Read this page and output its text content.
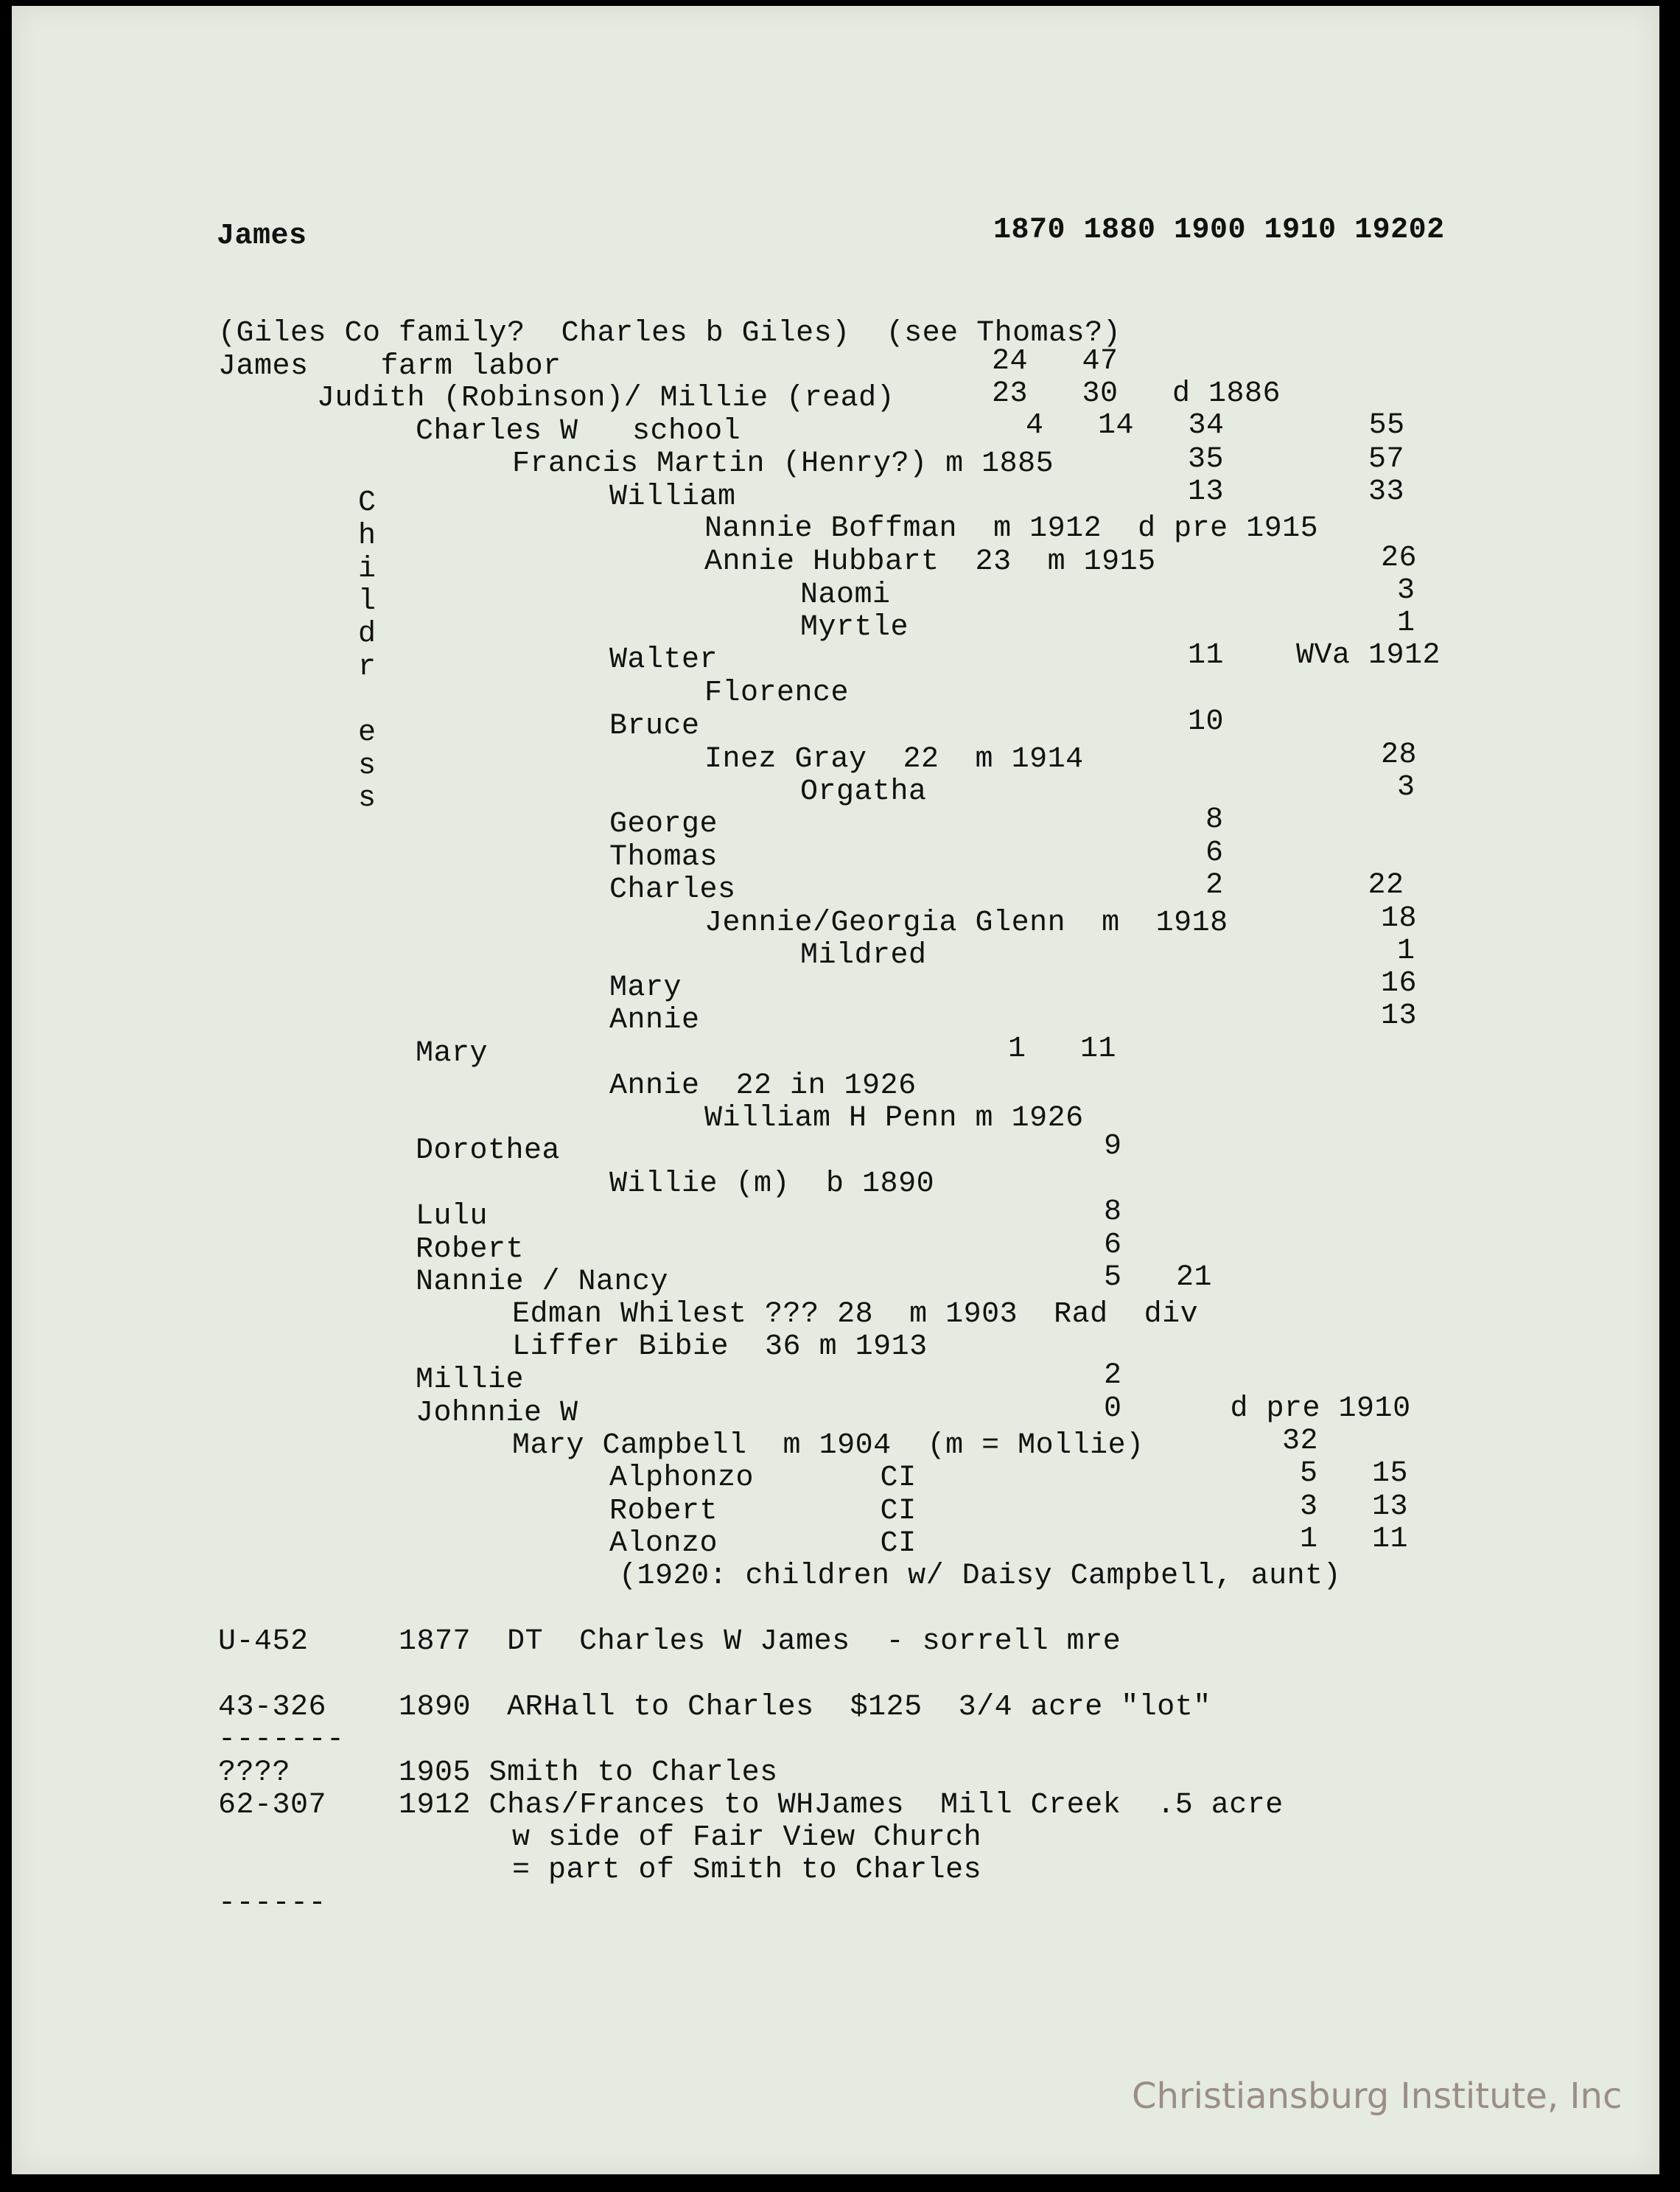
James	1870 1880 1900 1910 19202
(Giles Co family?  Charles b Giles)  (see Thomas?)
James    farm labor	24   47
Judith (Robinson)/ Millie (read)	23   30   d 1886
Charles W   school	4   14   34        55
Francis Martin (Henry?) m 1885	35        57
William	13        33
Nannie Boffman  m 1912  d pre 1915
Annie Hubbart  23  m 1915	26
Naomi	3
Myrtle	1
Walter	11    WVa 1912
Florence
Bruce	10
Inez Gray  22  m 1914	28
Orgatha	3
George	8
Thomas	6
Charles	2        22
Jennie/Georgia Glenn  m  1918	18
Mildred	1
Mary	16
Annie	13
Mary	1   11
Annie  22 in 1926
William H Penn m 1926
Dorothea	9
Willie (m)  b 1890
Lulu	8
Robert	6
Nannie / Nancy	5   21
Edman Whilest ??? 28  m 1903  Rad  div
Liffer Bibie  36 m 1913
Millie	2
Johnnie W	0      d pre 1910
Mary Campbell  m 1904  (m = Mollie)	32
Alphonzo       CI	5   15
Robert         CI	3   13
Alonzo         CI	1   11
(1920: children w/ Daisy Campbell, aunt)
U-452     1877  DT  Charles W James  - sorrell mre
43-326    1890  ARHall to Charles  $125  3/4 acre "lot"
-------
????      1905 Smith to Charles
62-307    1912 Chas/Frances to WHJames  Mill Creek  .5 acre
w side of Fair View Church
= part of Smith to Charles
------
C
h
i
l
d
r
e
s
s
Christiansburg Institute, Inc
